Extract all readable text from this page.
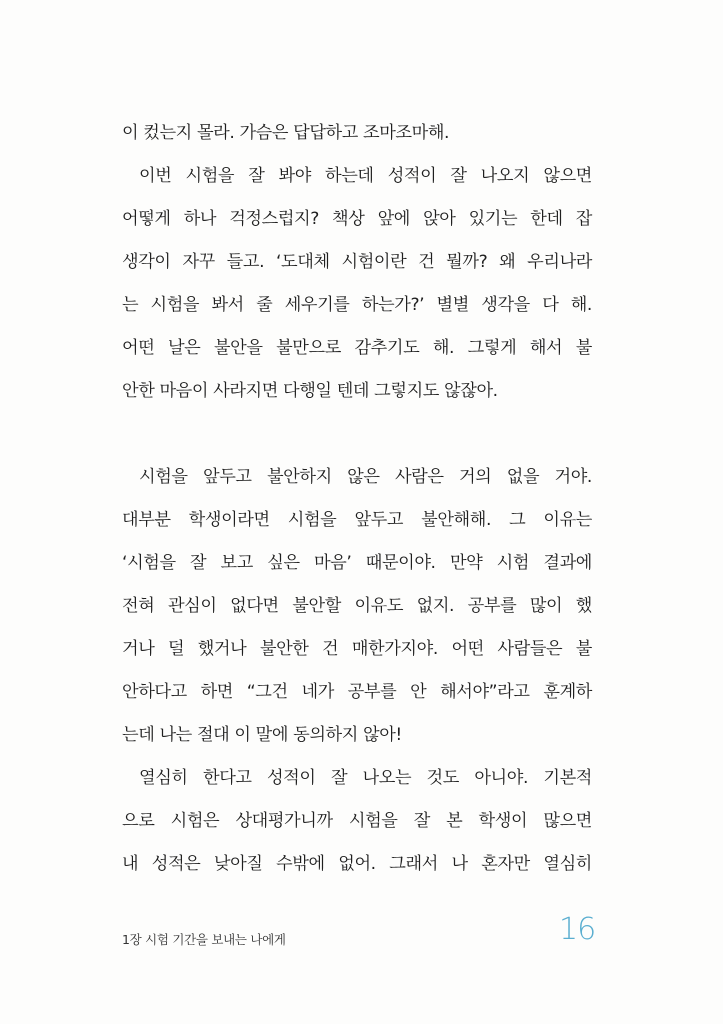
이 컸는지 몰라. 가슴은 답답하고 조마조마해.
이번 시험을 잘 봐야 하는데 성적이 잘 나오지 않으면
어떻게 하나 걱정스럽지? 책상 앞에 앉아 있기는 한데 잡
생각이 자꾸 들고. ‘도대체 시험이란 건 뭘까? 왜 우리나라
는 시험을 봐서 줄 세우기를 하는가?’ 별별 생각을 다 해.
어떤 날은 불안을 불만으로 감추기도 해. 그렇게 해서 불
안한 마음이 사라지면 다행일 텐데 그렇지도 않잖아.
시험을 앞두고 불안하지 않은 사람은 거의 없을 거야.
대부분 학생이라면 시험을 앞두고 불안해해. 그 이유는
‘시험을 잘 보고 싶은 마음’ 때문이야. 만약 시험 결과에
전혀 관심이 없다면 불안할 이유도 없지. 공부를 많이 했
거나 덜 했거나 불안한 건 매한가지야. 어떤 사람들은 불
안하다고 하면 “그건 네가 공부를 안 해서야”라고 훈계하
는데 나는 절대 이 말에 동의하지 않아!
열심히 한다고 성적이 잘 나오는 것도 아니야. 기본적
으로 시험은 상대평가니까 시험을 잘 본 학생이 많으면
내 성적은 낮아질 수밖에 없어. 그래서 나 혼자만 열심히
1장 시험 기간을 보내는 나에게	16
